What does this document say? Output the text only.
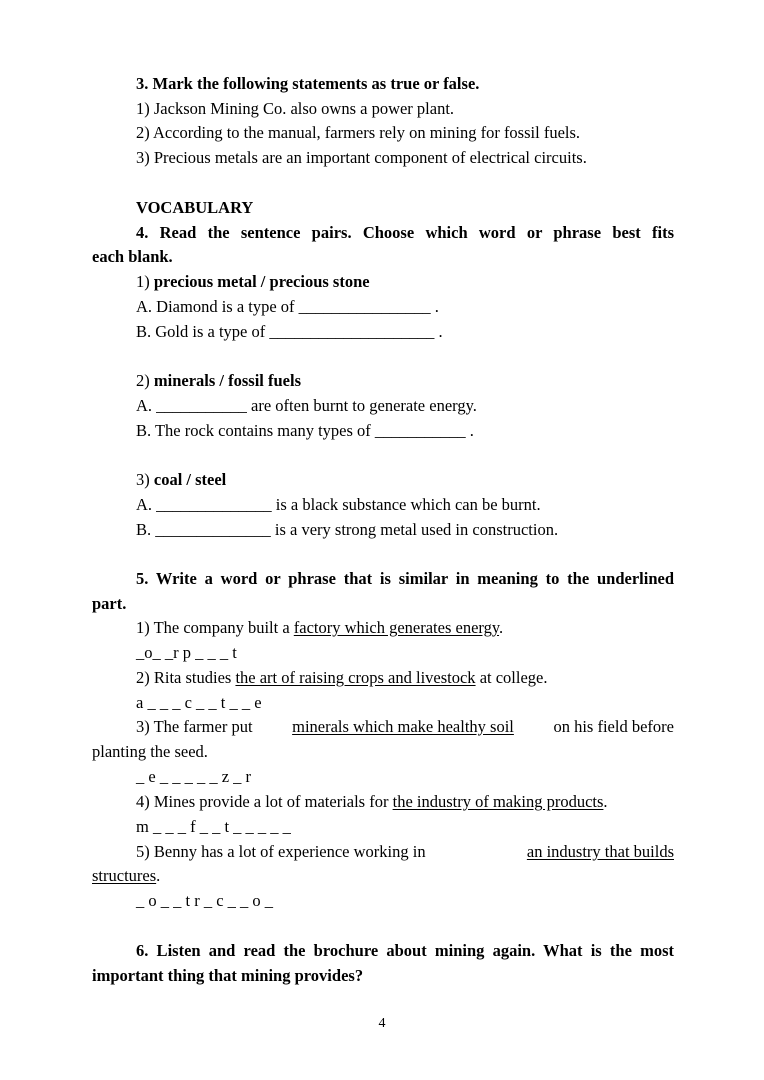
3. Mark the following statements as true or false.
1) Jackson Mining Co. also owns a power plant.
2) According to the manual, farmers rely on mining for fossil fuels.
3) Precious metals are an important component of electrical circuits.
VOCABULARY
4. Read the sentence pairs. Choose which word or phrase best fits
each blank.
1) precious metal / precious stone
A. Diamond is a type of ________________ .
B. Gold is a type of ____________________ .
2) minerals / fossil fuels
A. ___________ are often burnt to generate energy.
B. The rock contains many types of ___________ .
3) coal / steel
A. ______________ is a black substance which can be burnt.
B. ______________ is a very strong metal used in construction.
5. Write a word or phrase that is similar in meaning to the underlined
part.
1) The company built a factory which generates energy.
_o_ _r p _ _ _ t
2) Rita studies the art of raising crops and livestock at college.
a _ _ _ c _ _ t _ _ e
3) The farmer put minerals which make healthy soil on his field before
planting the seed.
_ e _ _ _ _ _ z _ r
4) Mines provide a lot of materials for the industry of making products.
m _ _ _ f _ _ t _ _ _ _ _
5) Benny has a lot of experience working in	an industry that builds
structures.
_ o _ _ t r _ c _ _ o _
6. Listen and read the brochure about mining again. What is the most
important thing that mining provides?
4
